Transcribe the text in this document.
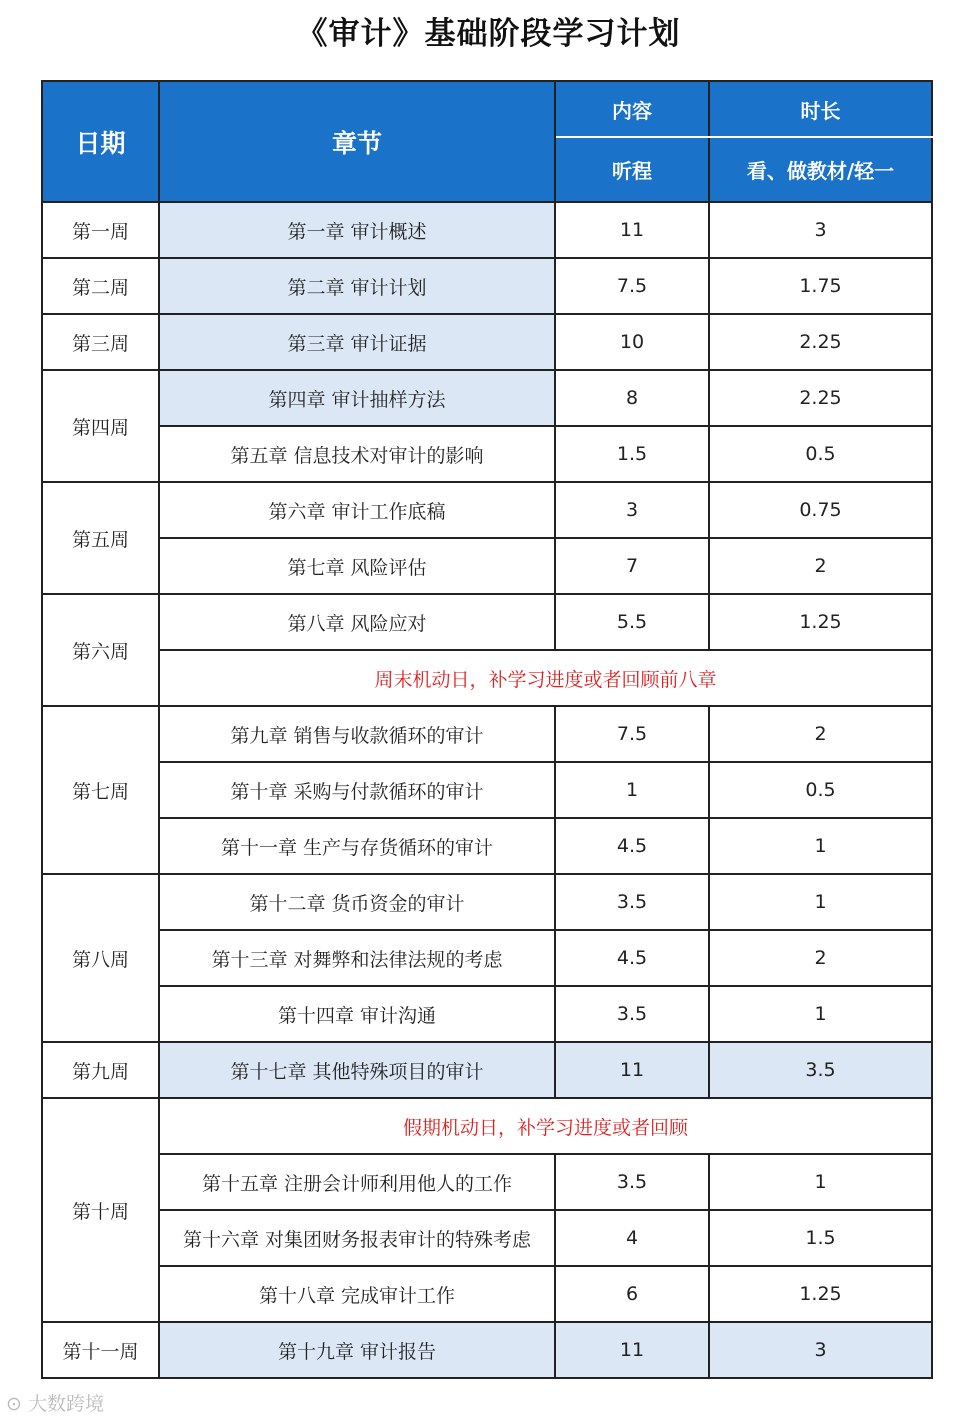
《审计》基础阶段学习计划
日期	章节	内容	时长
		听程	看、做教材/轻一
第一周	第一章 审计概述	11	3
第二周	第二章 审计计划	7.5	1.75
第三周	第三章 审计证据	10	2.25
第四周	第四章 审计抽样方法	8	2.25
	第五章 信息技术对审计的影响	1.5	0.5
第五周	第六章 审计工作底稿	3	0.75
	第七章 风险评估	7	2
第六周	第八章 风险应对	5.5	1.25
	周末机动日，补学习进度或者回顾前八章		
第七周	第九章 销售与收款循环的审计	7.5	2
	第十章 采购与付款循环的审计	1	0.5
	第十一章 生产与存货循环的审计	4.5	1
第八周	第十二章 货币资金的审计	3.5	1
	第十三章 对舞弊和法律法规的考虑	4.5	2
	第十四章 审计沟通	3.5	1
第九周	第十七章 其他特殊项目的审计	11	3.5
第十周	假期机动日，补学习进度或者回顾		
	第十五章 注册会计师利用他人的工作	3.5	1
	第十六章 对集团财务报表审计的特殊考虑	4	1.5
	第十八章 完成审计工作	6	1.25
第十一周	第十九章 审计报告	11	3
⊙ 大数跨境
